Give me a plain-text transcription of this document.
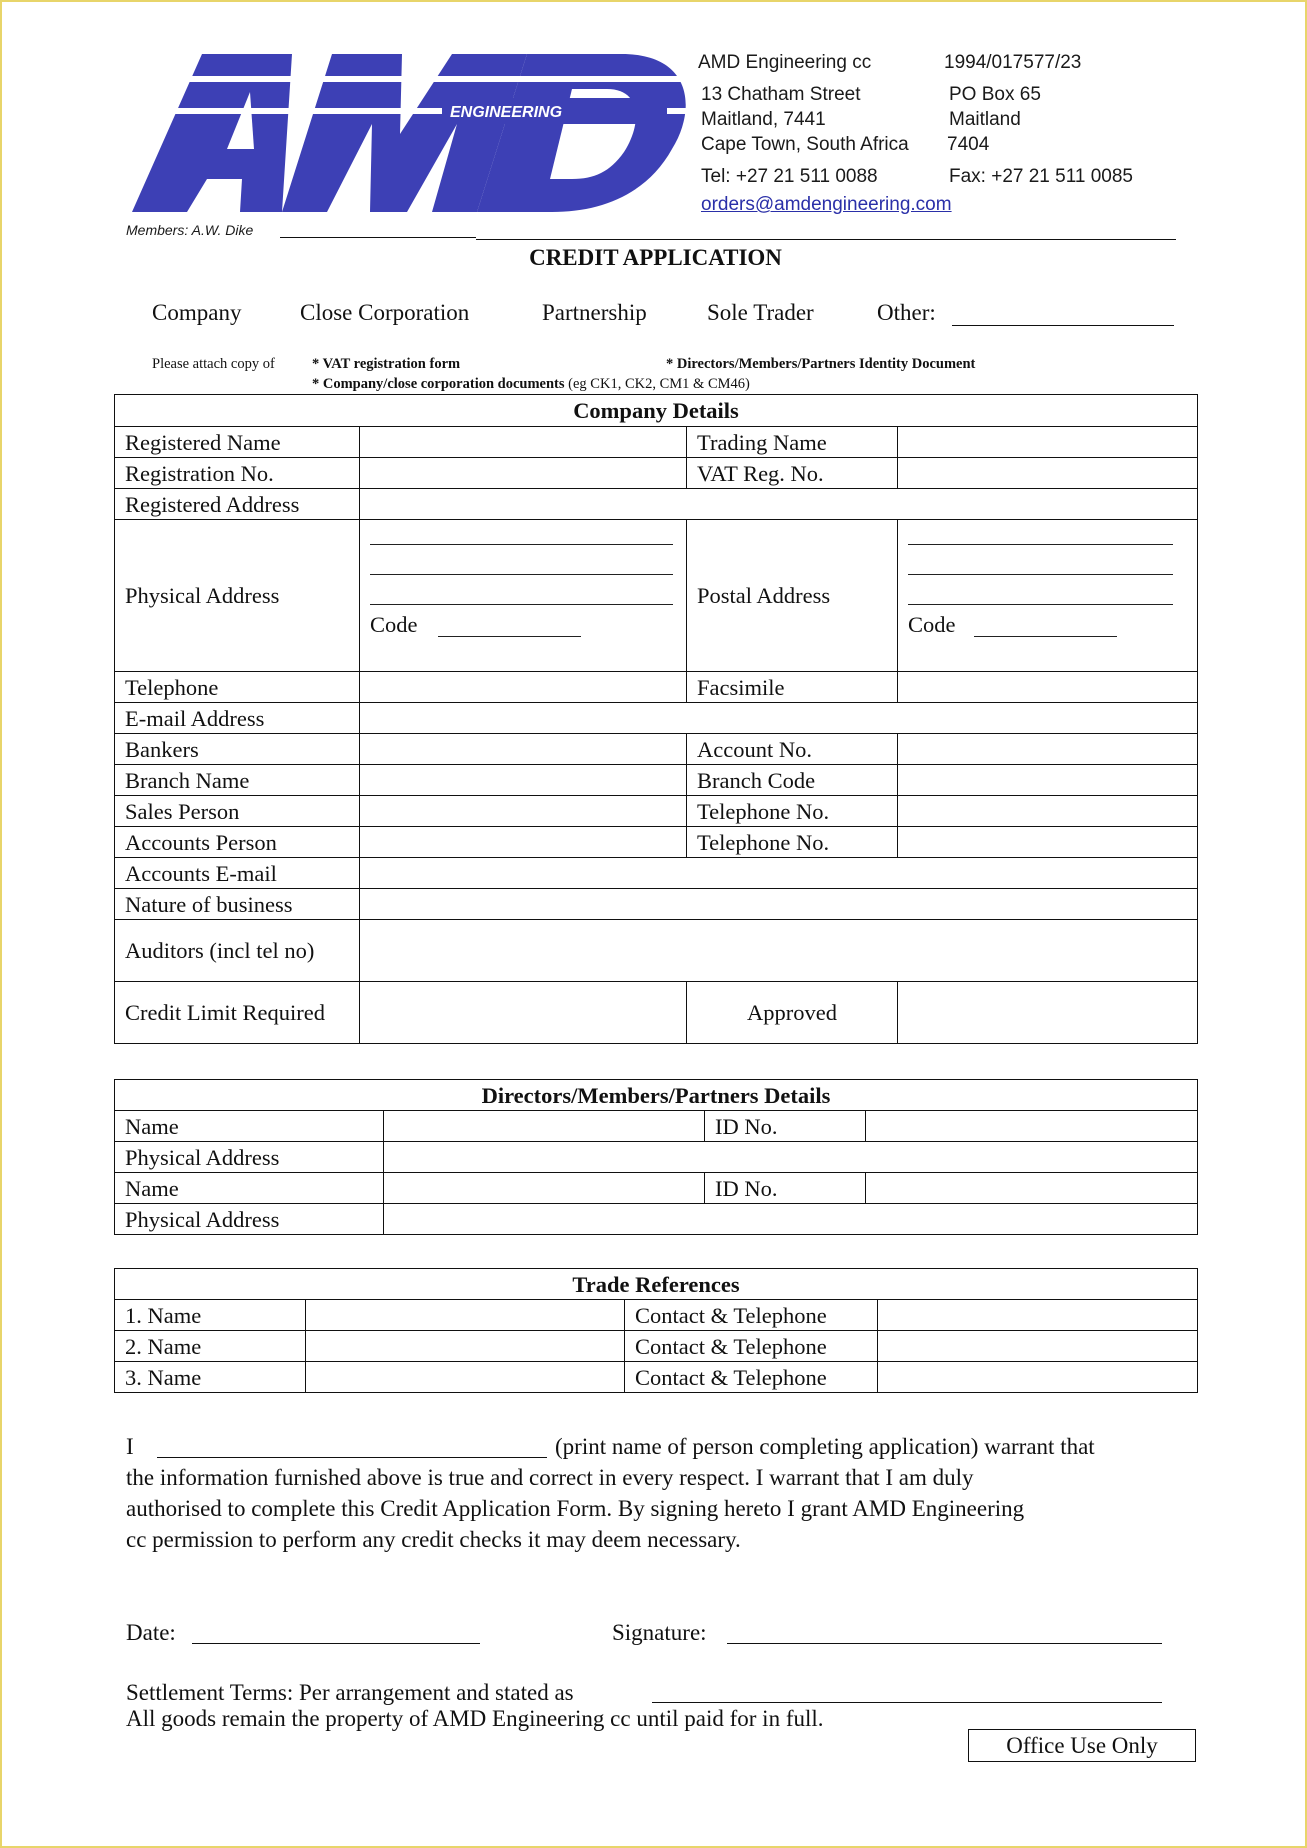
ENGINEERING
AMD Engineering cc	1994/017577/23
13 Chatham Street	PO Box 65
Maitland, 7441	Maitland
Cape Town, South Africa 7404
Tel: +27 21 511 0088	Fax: +27 21 511 0085
orders@amdengineering.com
Members: A.W. Dike
CREDIT APPLICATION
Company	Close Corporation	Partnership	Sole Trader	Other:
Please attach copy of	* VAT registration form	* Directors/Members/Partners Identity Document
* Company/close corporation documents (eg CK1, CK2, CM1 & CM46)
Company Details			
Registered Name		Trading Name	
Registration No.		VAT Reg. No.	
Registered Address			
Physical Address	Code	Postal Address	Code

Telephone		Facsimile	
E-mail Address			
Bankers		Account No.	
Branch Name		Branch Code	
Sales Person		Telephone No.	
Accounts Person		Telephone No.	
Accounts E-mail			
Nature of business			
Auditors (incl tel no)			
Credit Limit Required		Approved	
Directors/Members/Partners Details			
Name		ID No.	
Physical Address			
Name		ID No.	
Physical Address			
Trade References			
1. Name		Contact & Telephone	
2. Name		Contact & Telephone	
3. Name		Contact & Telephone	
I	(print name of person completing application) warrant that
the information furnished above is true and correct in every respect. I warrant that I am duly
authorised to complete this Credit Application Form. By signing hereto I grant AMD Engineering
cc permission to perform any credit checks it may deem necessary.
Date:	Signature:
Settlement Terms: Per arrangement and stated as
All goods remain the property of AMD Engineering cc until paid for in full.
Office Use Only
